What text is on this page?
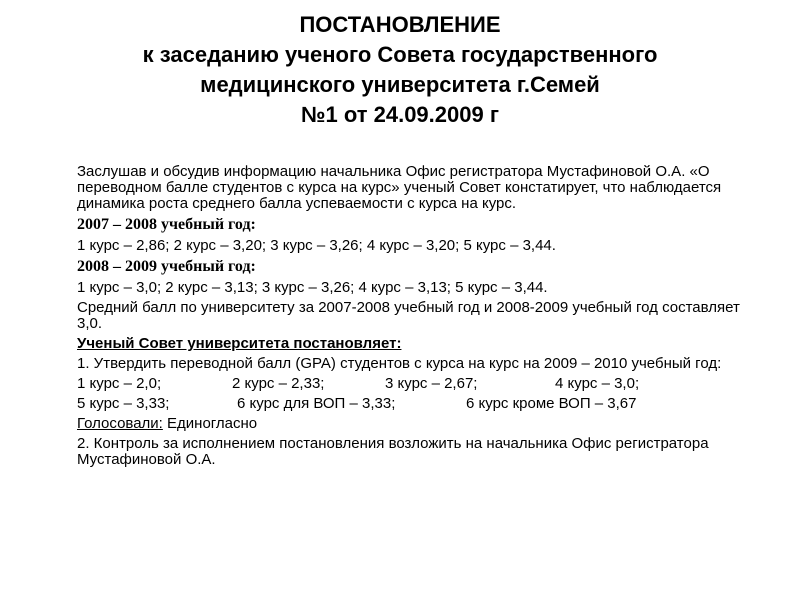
ПОСТАНОВЛЕНИЕ
к заседанию ученого Совета государственного
медицинского университета г.Семей
№1 от 24.09.2009 г

Заслушав и обсудив информацию начальника Офис регистратора Мустафиновой О.А. «О переводном балле студентов с курса на курс» ученый Совет констатирует, что наблюдается динамика роста среднего балла успеваемости с курса на курс.

2007 – 2008 учебный год:
1 курс – 2,86; 2 курс – 3,20; 3 курс – 3,26; 4 курс – 3,20; 5 курс – 3,44.
2008 – 2009 учебный год:
1 курс – 3,0; 2 курс – 3,13; 3 курс – 3,26; 4 курс – 3,13; 5 курс – 3,44.

Средний балл по университету за 2007-2008 учебный год и 2008-2009 учебный год составляет 3,0.

Ученый Совет университета постановляет:

1. Утвердить переводной балл (GPA) студентов с курса на курс на 2009 – 2010 учебный год:

1 курс – 2,0;	2 курс – 2,33;	3 курс – 2,67;	4 курс – 3,0;
5 курс – 3,33;	6 курс для ВОП – 3,33;	6 курс кроме ВОП – 3,67
Голосовали: Единогласно

2. Контроль за исполнением постановления возложить на начальника Офис регистратора Мустафиновой О.А.
